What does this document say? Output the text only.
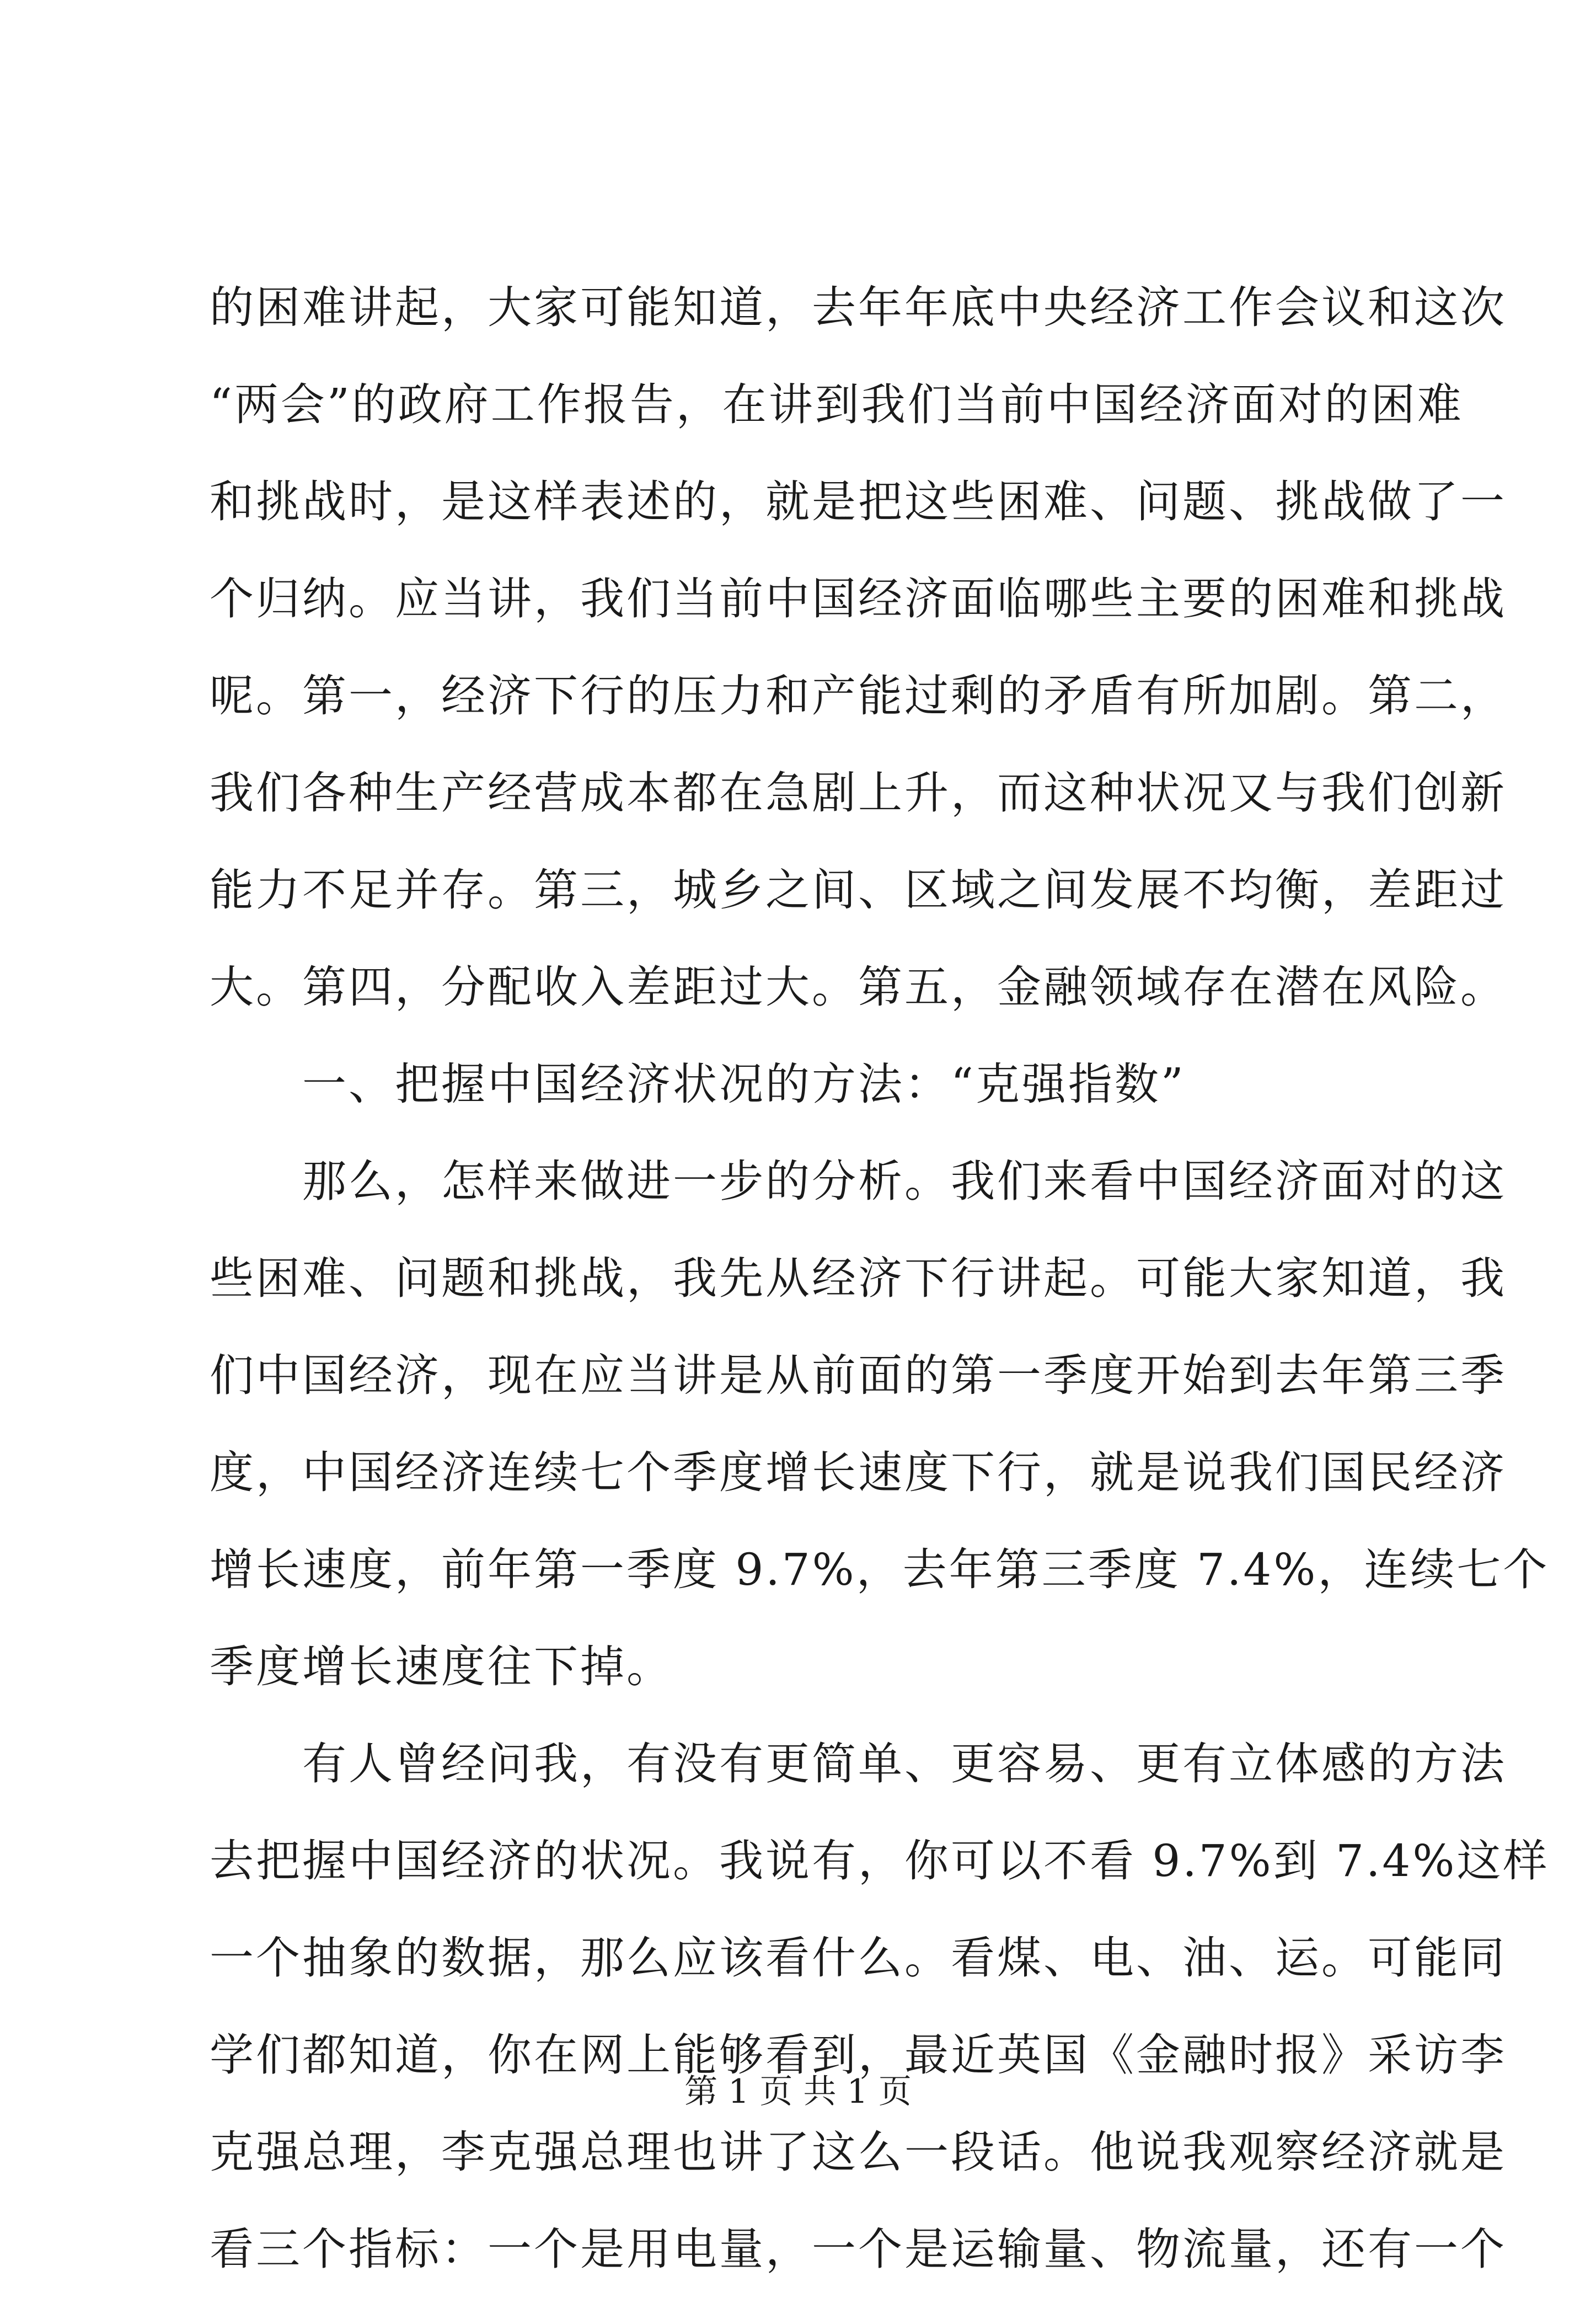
的困难讲起，大家可能知道，去年年底中央经济工作会议和这次
“两会”的政府工作报告，在讲到我们当前中国经济面对的困难
和挑战时，是这样表述的，就是把这些困难、问题、挑战做了一
个归纳。应当讲，我们当前中国经济面临哪些主要的困难和挑战
呢。第一，经济下行的压力和产能过剩的矛盾有所加剧。第二，
我们各种生产经营成本都在急剧上升，而这种状况又与我们创新
能力不足并存。第三，城乡之间、区域之间发展不均衡，差距过
大。第四，分配收入差距过大。第五，金融领域存在潜在风险。
一、把握中国经济状况的方法：“克强指数”
那么，怎样来做进一步的分析。我们来看中国经济面对的这
些困难、问题和挑战，我先从经济下行讲起。可能大家知道，我
们中国经济，现在应当讲是从前面的第一季度开始到去年第三季
度，中国经济连续七个季度增长速度下行，就是说我们国民经济
增长速度，前年第一季度 9.7%，去年第三季度 7.4%，连续七个
季度增长速度往下掉。
有人曾经问我，有没有更简单、更容易、更有立体感的方法
去把握中国经济的状况。我说有，你可以不看 9.7%到 7.4%这样
一个抽象的数据，那么应该看什么。看煤、电、油、运。可能同
学们都知道，你在网上能够看到，最近英国《金融时报》采访李
克强总理，李克强总理也讲了这么一段话。他说我观察经济就是
看三个指标：一个是用电量，一个是运输量、物流量，还有一个
第 1 页 共 1 页
